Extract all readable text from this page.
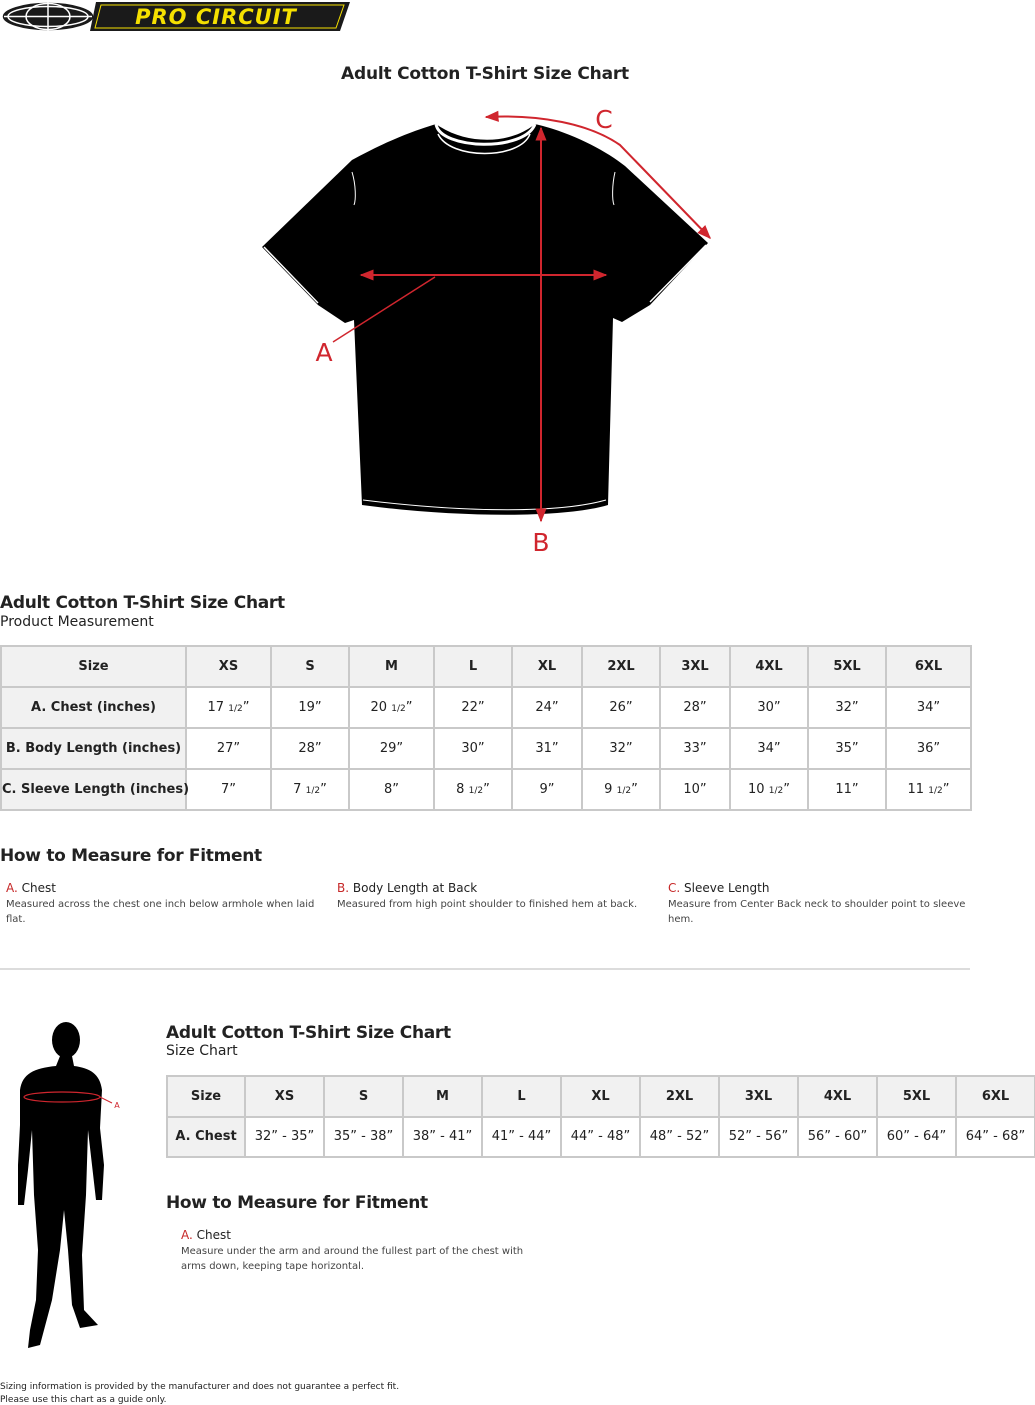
PRO CIRCUIT
Adult Cotton T-Shirt Size Chart
A
B
C
Adult Cotton T-Shirt Size Chart
Product Measurement
Size	XS	S	M	L	XL	2XL	3XL	4XL	5XL	6XL
A. Chest (inches)	17 1/2”	19”	20 1/2”	22”	24”	26”	28”	30”	32”	34”
B. Body Length (inches)	27”	28”	29”	30”	31”	32”	33”	34”	35”	36”
C. Sleeve Length (inches)	7”	7 1/2”	8”	8 1/2”	9”	9 1/2”	10”	10 1/2”	11”	11 1/2”
How to Measure for Fitment
A. Chest
Measured across the chest one inch below armhole when laid flat.
B. Body Length at Back
Measured from high point shoulder to finished hem at back.
C. Sleeve Length
Measure from Center Back neck to shoulder point to sleeve hem.
A
Adult Cotton T-Shirt Size Chart
Size Chart
Size	XS	S	M	L	XL	2XL	3XL	4XL	5XL	6XL
A. Chest	32” - 35”	35” - 38”	38” - 41”	41” - 44”	44” - 48”	48” - 52”	52” - 56”	56” - 60”	60” - 64”	64” - 68”
How to Measure for Fitment
A. Chest
Measure under the arm and around the fullest part of the chest with arms down, keeping tape horizontal.
Sizing information is provided by the manufacturer and does not guarantee a perfect fit.
Please use this chart as a guide only.
